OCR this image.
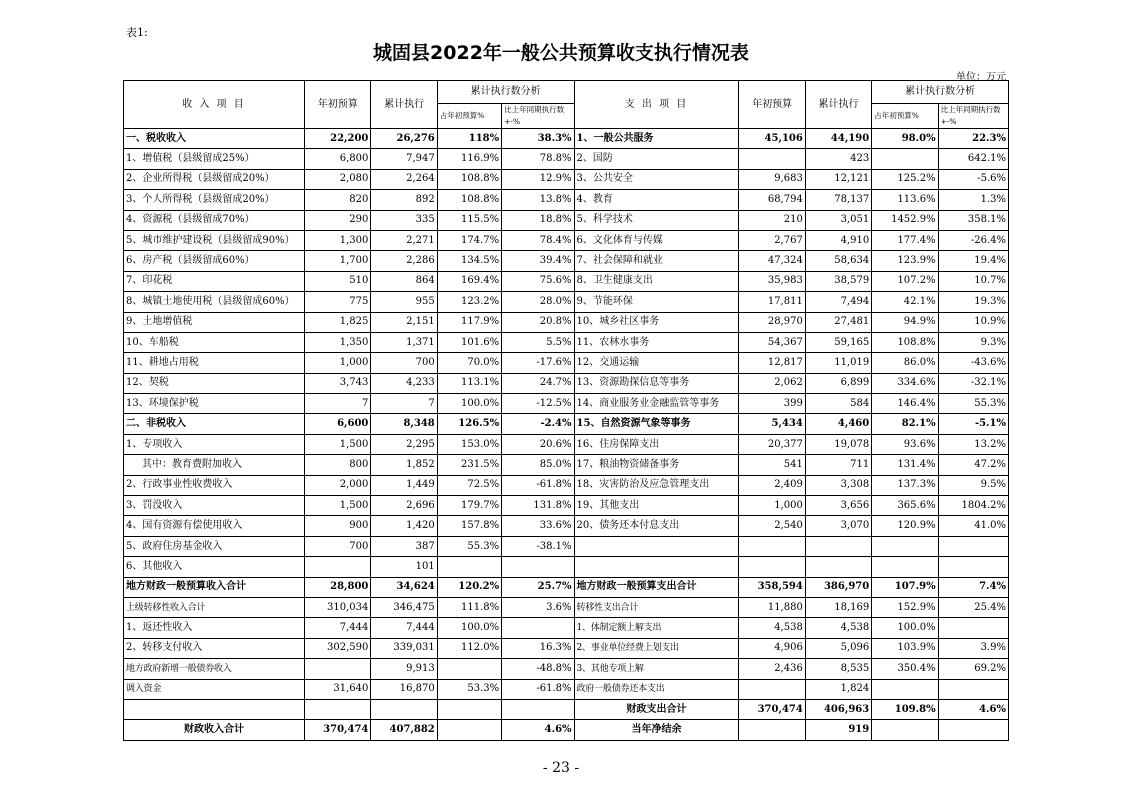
表1:
城固县2022年一般公共预算收支执行情况表
单位：万元
收 入 项 目	年初预算	累计执行	累计执行数分析		支 出 项 目	年初预算	累计执行	累计执行数分析	
			占年初预算%	比上年同期执行数+-%				占年初预算%	比上年同期执行数+-%
一、税收收入	22,200	26,276	118%	38.3%	1、一般公共服务	45,106	44,190	98.0%	22.3%
1、增值税（县级留成25%）	6,800	7,947	116.9%	78.8%	2、国防		423		642.1%
2、企业所得税（县级留成20%）	2,080	2,264	108.8%	12.9%	3、公共安全	9,683	12,121	125.2%	-5.6%
3、个人所得税（县级留成20%）	820	892	108.8%	13.8%	4、教育	68,794	78,137	113.6%	1.3%
4、资源税（县级留成70%）	290	335	115.5%	18.8%	5、科学技术	210	3,051	1452.9%	358.1%
5、城市维护建设税（县级留成90%）	1,300	2,271	174.7%	78.4%	6、文化体育与传媒	2,767	4,910	177.4%	-26.4%
6、房产税（县级留成60%）	1,700	2,286	134.5%	39.4%	7、社会保障和就业	47,324	58,634	123.9%	19.4%
7、印花税	510	864	169.4%	75.6%	8、卫生健康支出	35,983	38,579	107.2%	10.7%
8、城镇土地使用税（县级留成60%）	775	955	123.2%	28.0%	9、节能环保	17,811	7,494	42.1%	19.3%
9、土地增值税	1,825	2,151	117.9%	20.8%	10、城乡社区事务	28,970	27,481	94.9%	10.9%
10、车船税	1,350	1,371	101.6%	5.5%	11、农林水事务	54,367	59,165	108.8%	9.3%
11、耕地占用税	1,000	700	70.0%	-17.6%	12、交通运输	12,817	11,019	86.0%	-43.6%
12、契税	3,743	4,233	113.1%	24.7%	13、资源勘探信息等事务	2,062	6,899	334.6%	-32.1%
13、环境保护税	7	7	100.0%	-12.5%	14、商业服务业金融监管等事务	399	584	146.4%	55.3%
二、非税收入	6,600	8,348	126.5%	-2.4%	15、自然资源气象等事务	5,434	4,460	82.1%	-5.1%
1、专项收入	1,500	2,295	153.0%	20.6%	16、住房保障支出	20,377	19,078	93.6%	13.2%
其中：教育费附加收入	800	1,852	231.5%	85.0%	17、粮油物资储备事务	541	711	131.4%	47.2%
2、行政事业性收费收入	2,000	1,449	72.5%	-61.8%	18、灾害防治及应急管理支出	2,409	3,308	137.3%	9.5%
3、罚没收入	1,500	2,696	179.7%	131.8%	19、其他支出	1,000	3,656	365.6%	1804.2%
4、国有资源有偿使用收入	900	1,420	157.8%	33.6%	20、债务还本付息支出	2,540	3,070	120.9%	41.0%
5、政府住房基金收入	700	387	55.3%	-38.1%					
6、其他收入		101							
地方财政一般预算收入合计	28,800	34,624	120.2%	25.7%	地方财政一般预算支出合计	358,594	386,970	107.9%	7.4%
上级转移性收入合计	310,034	346,475	111.8%	3.6%	转移性支出合计	11,880	18,169	152.9%	25.4%
1、返还性收入	7,444	7,444	100.0%		1、体制定额上解支出	4,538	4,538	100.0%	
2、转移支付收入	302,590	339,031	112.0%	16.3%	2、事业单位经费上划支出	4,906	5,096	103.9%	3.9%
地方政府新增一般债券收入		9,913		-48.8%	3、其他专项上解	2,436	8,535	350.4%	69.2%
调入资金	31,640	16,870	53.3%	-61.8%	政府一般债券还本支出		1,824		
					财政支出合计	370,474	406,963	109.8%	4.6%
财政收入合计	370,474	407,882		4.6%	当年净结余		919		
- 23 -
